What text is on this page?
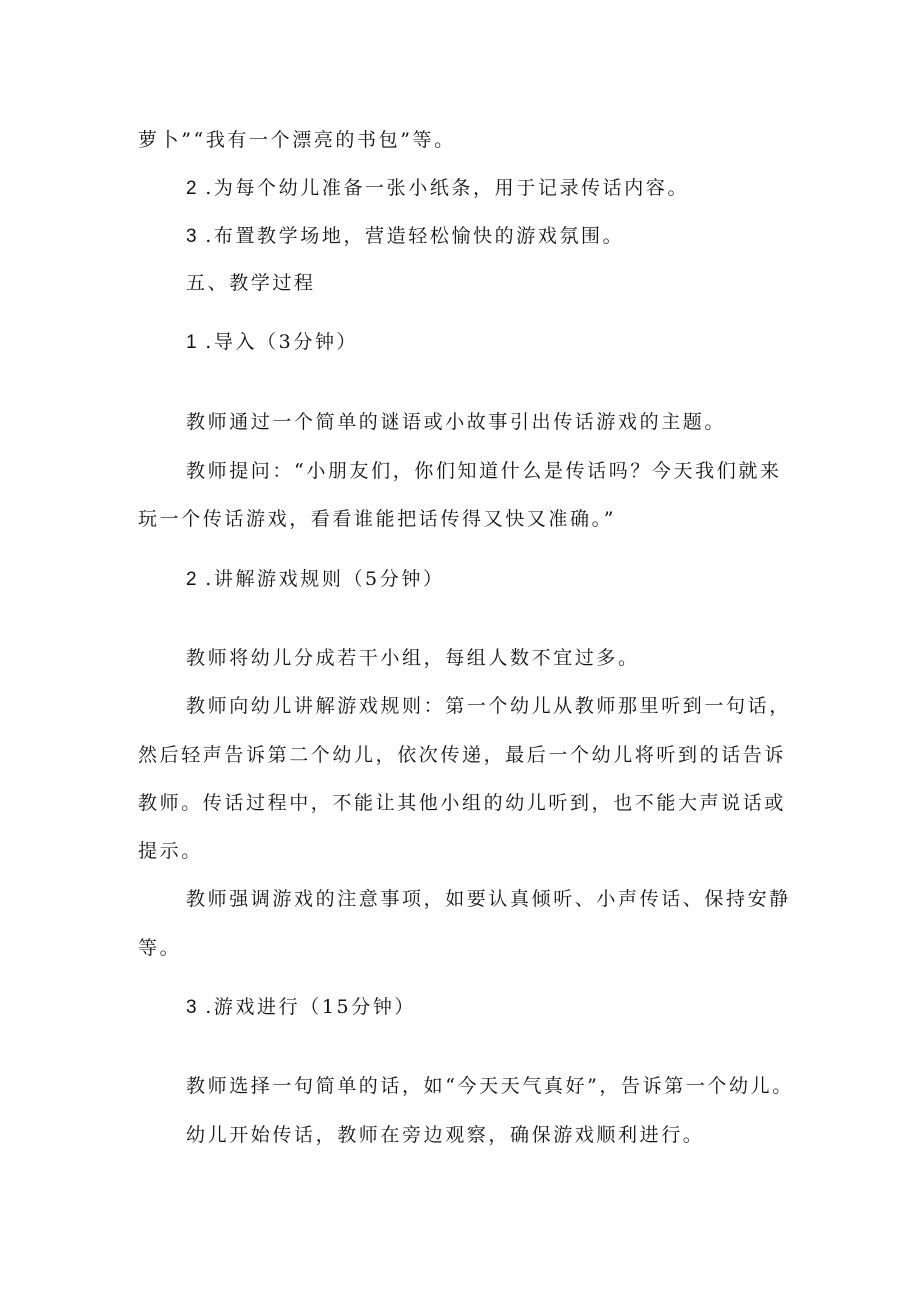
萝卜”“我有一个漂亮的书包”等。
2 .为每个幼儿准备一张小纸条，用于记录传话内容。
3 .布置教学场地，营造轻松愉快的游戏氛围。
五、教学过程
1 .导入（3分钟）
教师通过一个简单的谜语或小故事引出传话游戏的主题。
教师提问：“小朋友们，你们知道什么是传话吗？今天我们就来
玩一个传话游戏，看看谁能把话传得又快又准确。”
2 .讲解游戏规则（5分钟）
教师将幼儿分成若干小组，每组人数不宜过多。
教师向幼儿讲解游戏规则：第一个幼儿从教师那里听到一句话，
然后轻声告诉第二个幼儿，依次传递，最后一个幼儿将听到的话告诉
教师。传话过程中，不能让其他小组的幼儿听到，也不能大声说话或
提示。
教师强调游戏的注意事项，如要认真倾听、小声传话、保持安静
等。
3 .游戏进行（15分钟）
教师选择一句简单的话，如“今天天气真好”，告诉第一个幼儿。
幼儿开始传话，教师在旁边观察，确保游戏顺利进行。
